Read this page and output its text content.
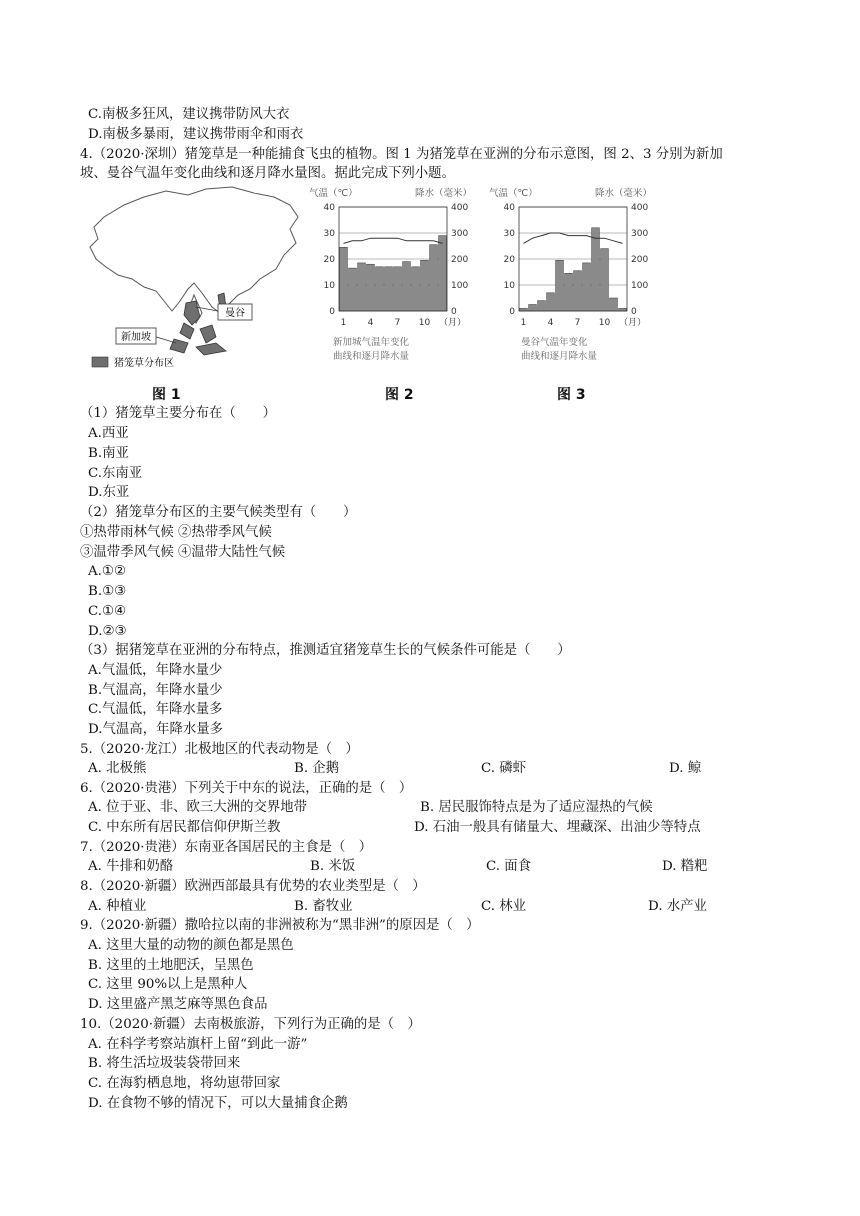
C.南极多狂风，建议携带防风大衣
D.南极多暴雨，建议携带雨伞和雨衣
4.（2020·深圳）猪笼草是一种能捕食飞虫的植物。图 1 为猪笼草在亚洲的分布示意图，图 2、3 分别为新加
坡、曼谷气温年变化曲线和逐月降水量图。据此完成下列小题。
曼谷
新加坡
猪笼草分布区
气温（℃）	降水（毫米）
40	400
30	300
20	200
10	100
0	0
1 4 7 10 （月）
新加城气温年变化
曲线和逐月降水量
气温（℃）	降水（毫米）
40	400
30	300
20	200
10	100
0	0
1 4 7 10 （月）
曼谷气温年变化
曲线和逐月降水量
图 1	图 2	图 3
（1）猪笼草主要分布在（　　）
A.西亚
B.南亚
C.东南亚
D.东亚
（2）猪笼草分布区的主要气候类型有（　　）
①热带雨林气候 ②热带季风气候
③温带季风气候 ④温带大陆性气候
A.①②
B.①③
C.①④
D.②③
（3）据猪笼草在亚洲的分布特点，推测适宜猪笼草生长的气候条件可能是（　　）
A.气温低，年降水量少
B.气温高，年降水量少
C.气温低，年降水量多
D.气温高，年降水量多
5.（2020·龙江）北极地区的代表动物是（　）
A. 北极熊	B. 企鹅	C. 磷虾	D. 鲸
6.（2020·贵港）下列关于中东的说法，正确的是（　）
A. 位于亚、非、欧三大洲的交界地带	B. 居民服饰特点是为了适应湿热的气候
C. 中东所有居民都信仰伊斯兰教	D. 石油一般具有储量大、埋藏深、出油少等特点
7.（2020·贵港）东南亚各国居民的主食是（　）
A. 牛排和奶酪	B. 米饭	C. 面食	D. 糌粑
8.（2020·新疆）欧洲西部最具有优势的农业类型是（　）
A. 种植业	B. 畜牧业	C. 林业	D. 水产业
9.（2020·新疆）撒哈拉以南的非洲被称为“黑非洲”的原因是（　）
A. 这里大量的动物的颜色都是黑色
B. 这里的土地肥沃，呈黑色
C. 这里 90%以上是黑种人
D. 这里盛产黑芝麻等黑色食品
10.（2020·新疆）去南极旅游，下列行为正确的是（　）
A. 在科学考察站旗杆上留“到此一游”
B. 将生活垃圾装袋带回来
C. 在海豹栖息地，将幼崽带回家
D. 在食物不够的情况下，可以大量捕食企鹅
